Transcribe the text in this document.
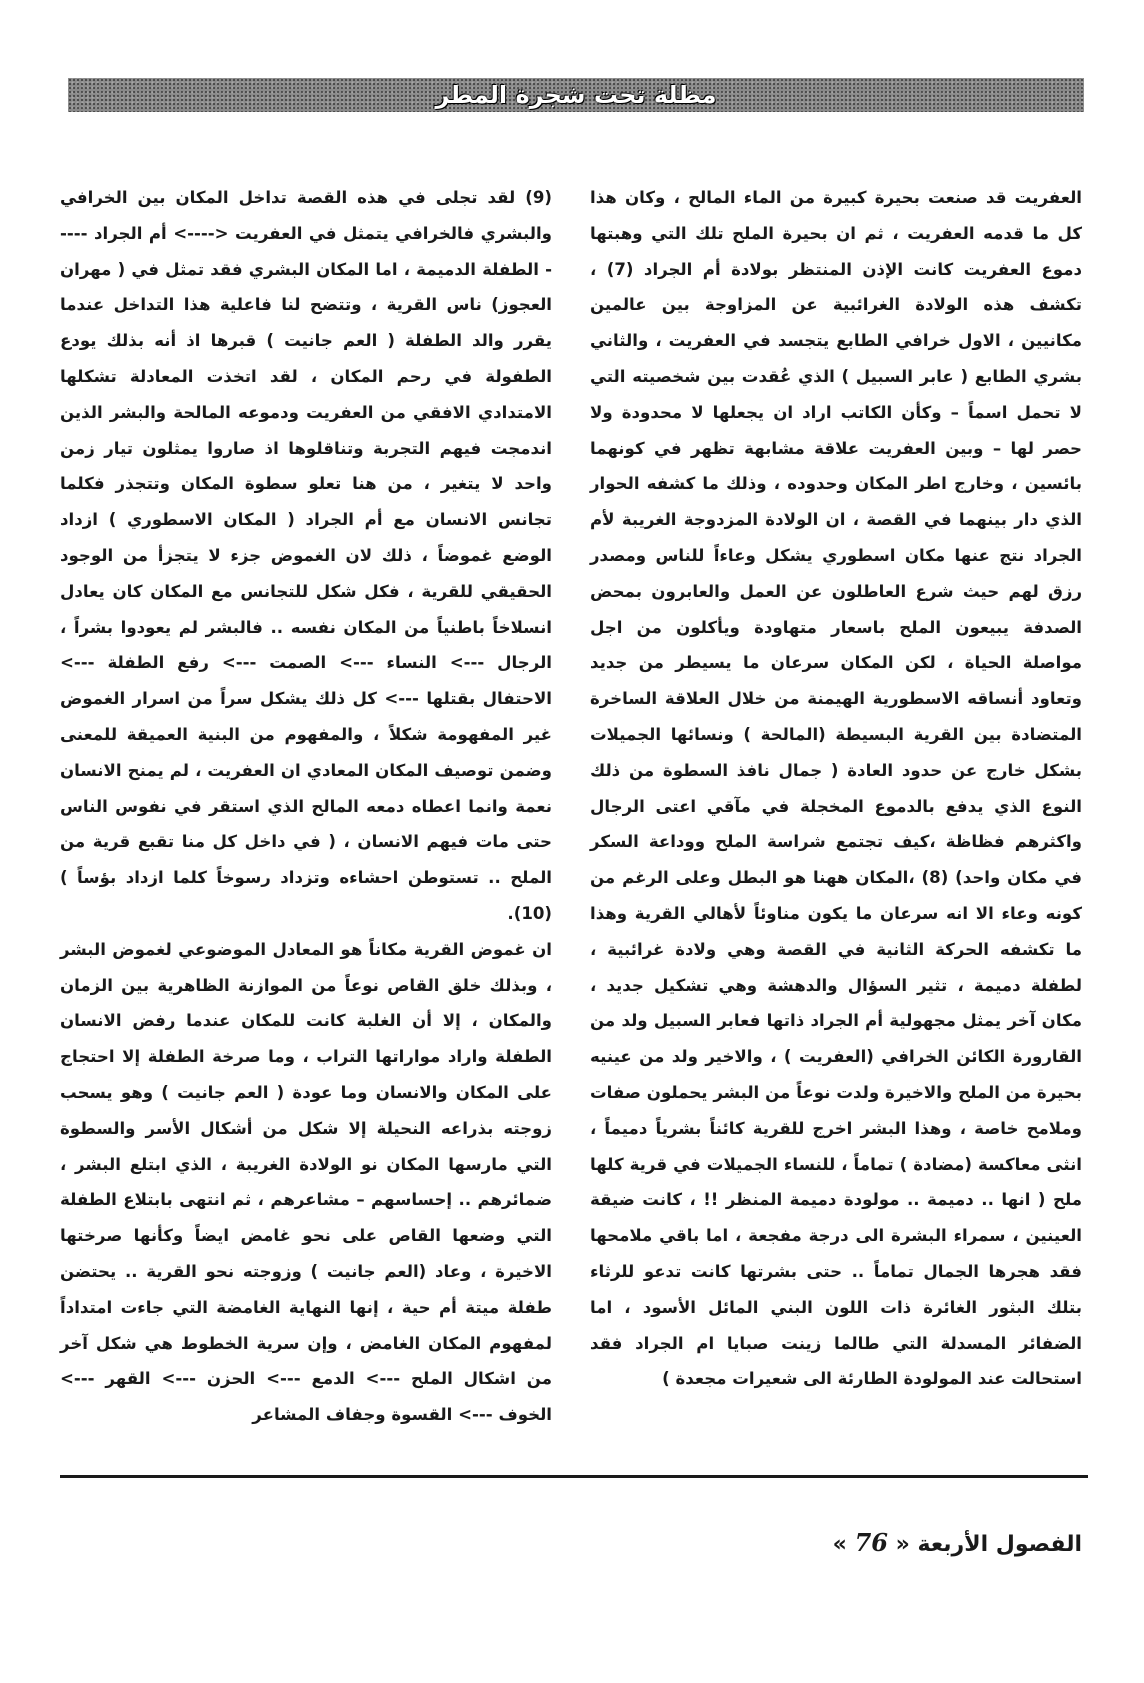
مظلة تحت شجرة المطر

العفريت قد صنعت بحيرة كبيرة من الماء المالح ، وكان هذا كل ما قدمه العفريت ، ثم ان بحيرة الملح تلك التي وهبتها دموع العفريت كانت الإذن المنتظر بولادة أم الجراد (7) ، تكشف هذه الولادة الغرائبية عن المزاوجة بين عالمين مكانيين ، الاول خرافي الطابع يتجسد في العفريت ، والثاني بشري الطابع ( عابر السبيل ) الذي عُقدت بين شخصيته التي لا تحمل اسماً – وكأن الكاتب اراد ان يجعلها لا محدودة ولا حصر لها – وبين العفريت علاقة مشابهة تظهر في كونهما بائسين ، وخارج اطر المكان وحدوده ، وذلك ما كشفه الحوار الذي دار بينهما في القصة ، ان الولادة المزدوجة الغريبة لأم الجراد نتج عنها مكان اسطوري يشكل وعاءاً للناس ومصدر رزق لهم حيث شرع العاطلون عن العمل والعابرون بمحض الصدفة يبيعون الملح باسعار متهاودة ويأكلون من اجل مواصلة الحياة ، لكن المكان سرعان ما يسيطر من جديد وتعاود أنساقه الاسطورية الهيمنة من خلال العلاقة الساخرة المتضادة بين القرية البسيطة (المالحة ) ونسائها الجميلات بشكل خارج عن حدود العادة ( جمال نافذ السطوة من ذلك النوع الذي يدفع بالدموع المخجلة في مآقي اعتى الرجال واكثرهم فظاظة ،كيف تجتمع شراسة الملح ووداعة السكر في مكان واحد) (8) ،المكان ههنا هو البطل وعلى الرغم من كونه وعاء الا انه سرعان ما يكون مناوئاً لأهالي القرية وهذا ما تكشفه الحركة الثانية في القصة وهي ولادة غرائبية ، لطفلة دميمة ، تثير السؤال والدهشة وهي تشكيل جديد ، مكان آخر يمثل مجهولية أم الجراد ذاتها فعابر السبيل ولد من القارورة الكائن الخرافي (العفريت ) ، والاخير ولد من عينيه بحيرة من الملح والاخيرة ولدت نوعاً من البشر يحملون صفات وملامح خاصة ، وهذا البشر اخرج للقرية كائناً بشرياً دميماً ، انثى معاكسة (مضادة ) تماماً ، للنساء الجميلات في قرية كلها ملح ( انها .. دميمة .. مولودة دميمة المنظر !! ، كانت ضيقة العينين ، سمراء البشرة الى درجة مفجعة ، اما باقي ملامحها فقد هجرها الجمال تماماً .. حتى بشرتها كانت تدعو للرثاء بتلك البثور الغائرة ذات اللون البني المائل الأسود ، اما الضفائر المسدلة التي طالما زينت صبايا ام الجراد فقد استحالت عند المولودة الطارئة الى شعيرات مجعدة )

(9) لقد تجلى في هذه القصة تداخل المكان بين الخرافي والبشري فالخرافي يتمثل في العفريت <----> أم الجراد ----- الطفلة الدميمة ، اما المكان البشري فقد تمثل في ( مهران العجوز) ناس القرية ، وتتضح لنا فاعلية هذا التداخل عندما يقرر والد الطفلة ( العم جانيت ) قبرها اذ أنه بذلك يودع الطفولة في رحم المكان ، لقد اتخذت المعادلة تشكلها الامتدادي الافقي من العفريت ودموعه المالحة والبشر الذين اندمجت فيهم التجربة وتناقلوها اذ صاروا يمثلون تيار زمن واحد لا يتغير ، من هنا تعلو سطوة المكان وتتجذر فكلما تجانس الانسان مع أم الجراد ( المكان الاسطوري ) ازداد الوضع غموضاً ، ذلك لان الغموض جزء لا يتجزأ من الوجود الحقيقي للقرية ، فكل شكل للتجانس مع المكان كان يعادل انسلاخاً باطنياً من المكان نفسه .. فالبشر لم يعودوا بشراً ، الرجال ---> النساء ---> الصمت ---> رفع الطفلة ---> الاحتفال بقتلها ---> كل ذلك يشكل سراً من اسرار الغموض غير المفهومة شكلاً ، والمفهوم من البنية العميقة للمعنى وضمن توصيف المكان المعادي ان العفريت ، لم يمنح الانسان نعمة وانما اعطاه دمعه المالح الذي استقر في نفوس الناس حتى مات فيهم الانسان ، ( في داخل كل منا تقبع قرية من الملح .. تستوطن احشاءه وتزداد رسوخاً كلما ازداد بؤساً ) (10).

ان غموض القرية مكاناً هو المعادل الموضوعي لغموض البشر ، وبذلك خلق القاص نوعاً من الموازنة الظاهرية بين الزمان والمكان ، إلا أن الغلبة كانت للمكان عندما رفض الانسان الطفلة واراد مواراتها التراب ، وما صرخة الطفلة إلا احتجاج على المكان والانسان وما عودة ( العم جانيت ) وهو يسحب زوجته بذراعه النحيلة إلا شكل من أشكال الأسر والسطوة التي مارسها المكان نو الولادة الغريبة ، الذي ابتلع البشر ، ضمائرهم .. إحساسهم – مشاعرهم ، ثم انتهى بابتلاع الطفلة التي وضعها القاص على نحو غامض ايضاً وكأنها صرختها الاخيرة ، وعاد (العم جانيت ) وزوجته نحو القرية .. يحتضن طفلة ميتة أم حية ، إنها النهاية الغامضة التي جاءت امتداداً لمفهوم المكان الغامض ، وإن سرية الخطوط هي شكل آخر من اشكال الملح ---> الدمع ---> الحزن ---> القهر ---> الخوف ---> القسوة وجفاف المشاعر

الفصول الأربعة « 76 »
